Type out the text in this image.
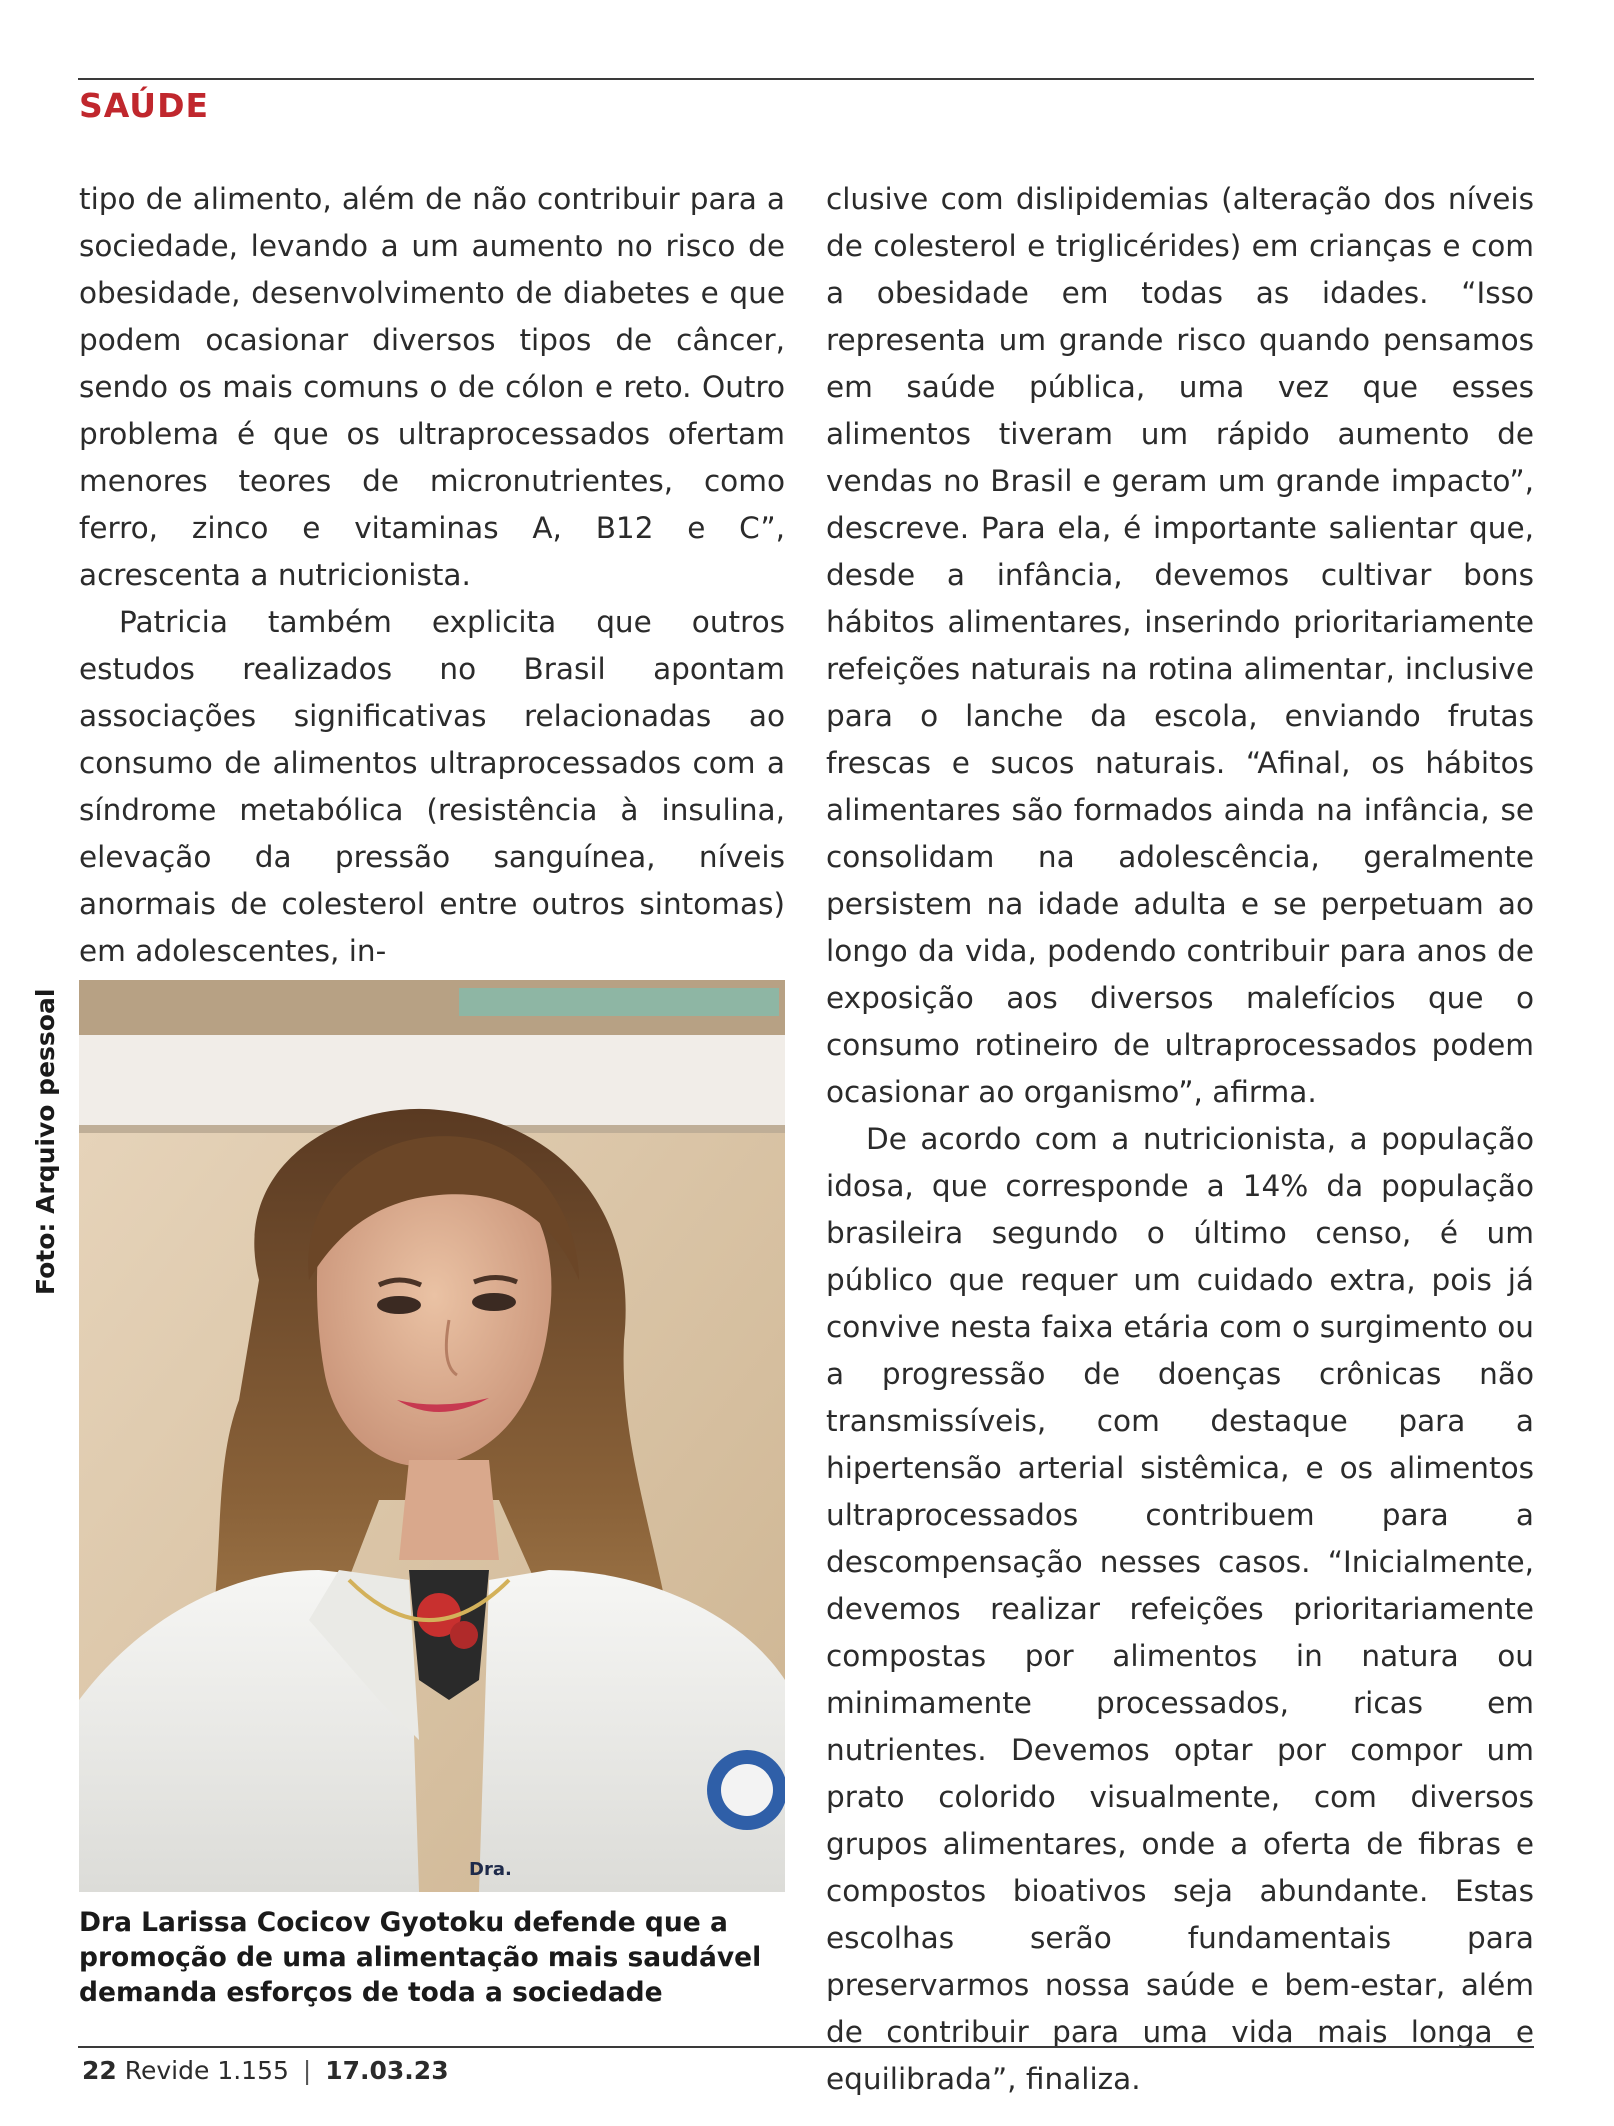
SAÚDE

tipo de alimento, além de não contribuir para a sociedade, levando a um aumento no risco de obesidade, desenvolvimento de diabetes e que podem ocasionar diversos tipos de câncer, sendo os mais comuns o de cólon e reto. Outro problema é que os ultraprocessados ofertam menores teores de micronutrientes, como ferro, zinco e vitaminas A, B12 e C”, acrescenta a nutricionista.

Patricia também explicita que outros estudos realizados no Brasil apontam associações significativas relacionadas ao consumo de alimentos ultraprocessados com a síndrome metabólica (resistência à insulina, elevação da pressão sanguínea, níveis anormais de colesterol entre outros sintomas) em adolescentes, in-

clusive com dislipidemias (alteração dos níveis de colesterol e triglicérides) em crianças e com a obesidade em todas as idades. “Isso representa um grande risco quando pensamos em saúde pública, uma vez que esses alimentos tiveram um rápido aumento de vendas no Brasil e geram um grande impacto”, descreve. Para ela, é importante salientar que, desde a infância, devemos cultivar bons hábitos alimentares, inserindo prioritariamente refeições naturais na rotina alimentar, inclusive para o lanche da escola, enviando frutas frescas e sucos naturais. “Afinal, os hábitos alimentares são formados ainda na infância, se consolidam na adolescência, geralmente persistem na idade adulta e se perpetuam ao longo da vida, podendo contribuir para anos de exposição aos diversos malefícios que o consumo rotineiro de ultraprocessados podem ocasionar ao organismo”, afirma.

De acordo com a nutricionista, a população idosa, que corresponde a 14% da população brasileira segundo o último censo, é um público que requer um cuidado extra, pois já convive nesta faixa etária com o surgimento ou a progressão de doenças crônicas não transmissíveis, com destaque para a hipertensão arterial sistêmica, e os alimentos ultraprocessados contribuem para a descompensação nesses casos. “Inicialmente, devemos realizar refeições prioritariamente compostas por alimentos in natura ou minimamente processados, ricas em nutrientes. Devemos optar por compor um prato colorido visualmente, com diversos grupos alimentares, onde a oferta de fibras e compostos bioativos seja abundante. Estas escolhas serão fundamentais para preservarmos nossa saúde e bem-estar, além de contribuir para uma vida mais longa e equilibrada”, finaliza.

Foto: Arquivo pessoal

Dra.

Dra Larissa Cocicov Gyotoku defende que a promoção de uma alimentação mais saudável demanda esforços de toda a sociedade

22 Revide 1.155 | 17.03.23
